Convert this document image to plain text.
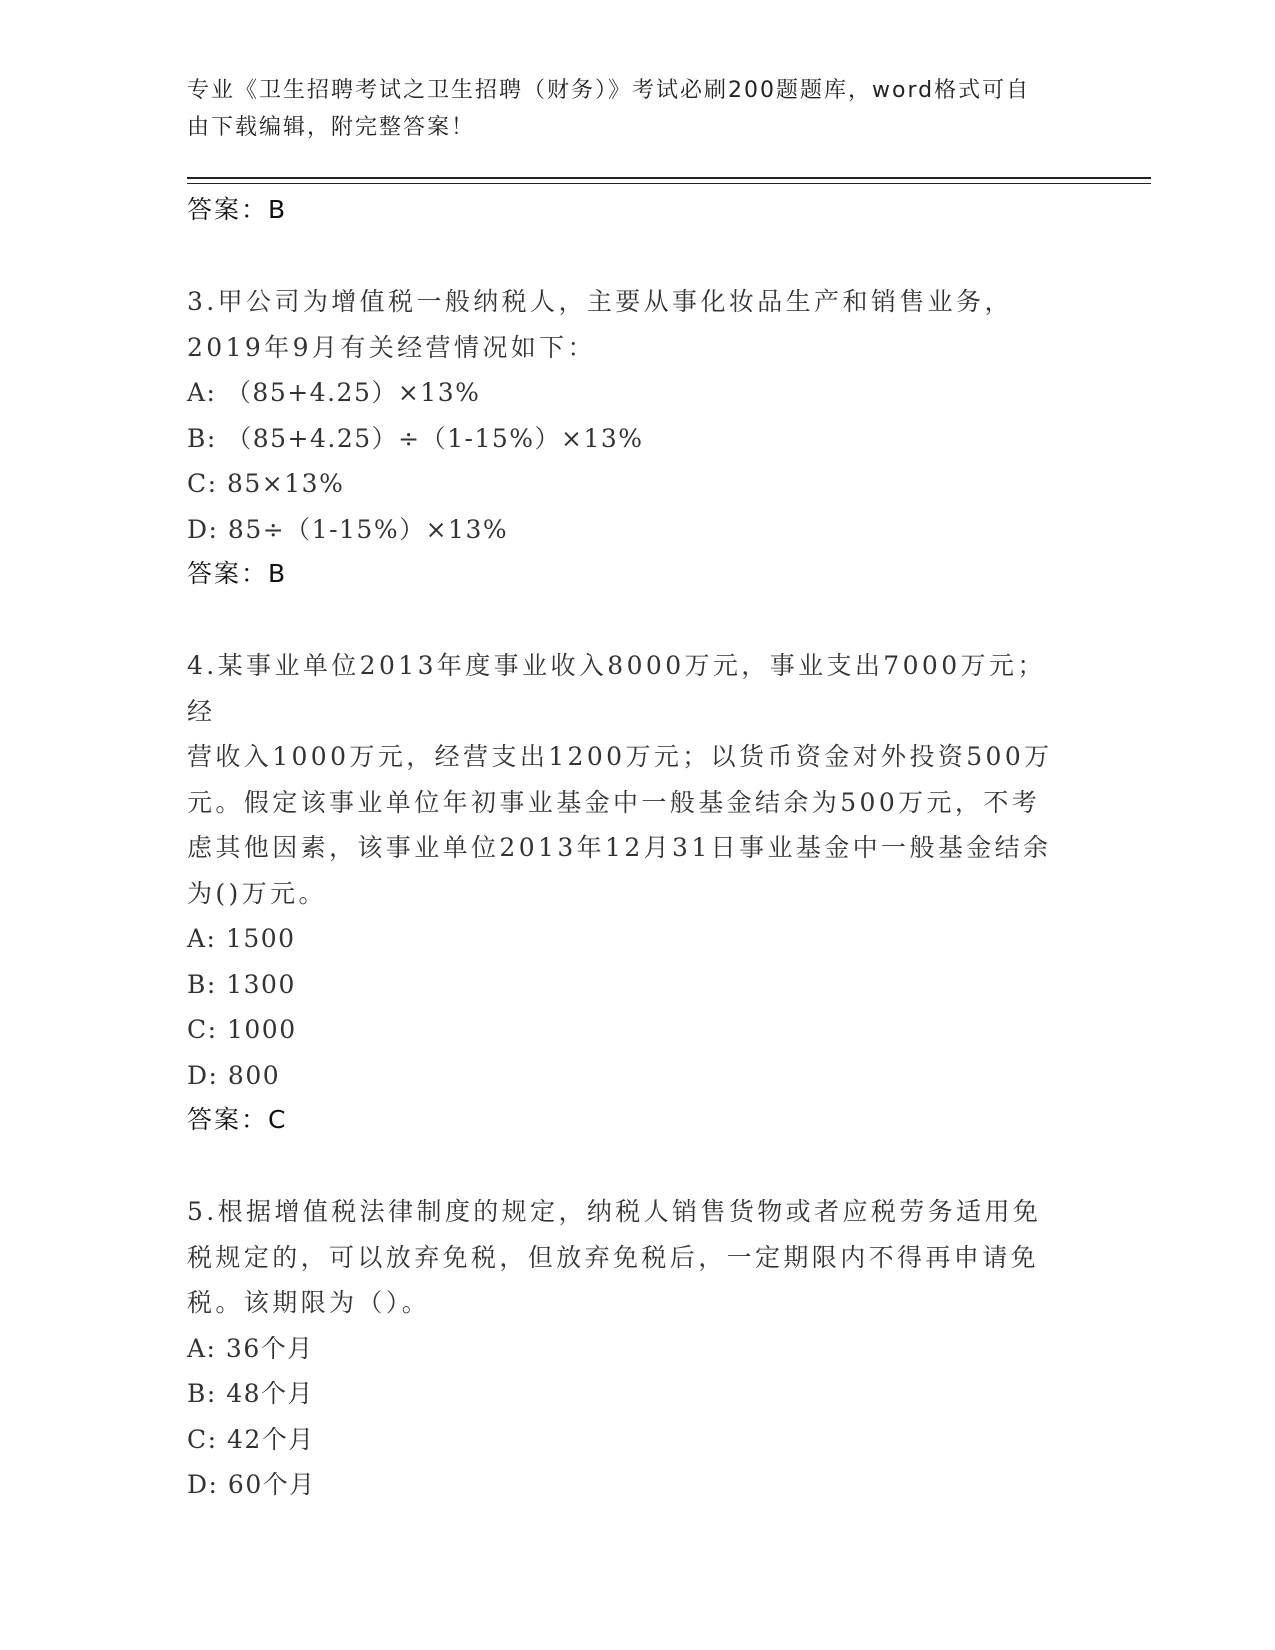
专业《卫生招聘考试之卫生招聘（财务）》考试必刷200题题库，word格式可自
由下载编辑，附完整答案！

答案：B

3.甲公司为增值税一般纳税人，主要从事化妆品生产和销售业务，
2019年9月有关经营情况如下：

A: （85+4.25）×13%

B: （85+4.25）÷（1-15%）×13%

C: 85×13%

D: 85÷（1-15%）×13%

答案：B

4.某事业单位2013年度事业收入8000万元，事业支出7000万元；经
营收入1000万元，经营支出1200万元；以货币资金对外投资500万
元。假定该事业单位年初事业基金中一般基金结余为500万元，不考
虑其他因素，该事业单位2013年12月31日事业基金中一般基金结余
为()万元。

A: 1500

B: 1300

C: 1000

D: 800

答案：C

5.根据增值税法律制度的规定，纳税人销售货物或者应税劳务适用免
税规定的，可以放弃免税，但放弃免税后，一定期限内不得再申请免
税。该期限为（）。

A: 36个月

B: 48个月

C: 42个月

D: 60个月
